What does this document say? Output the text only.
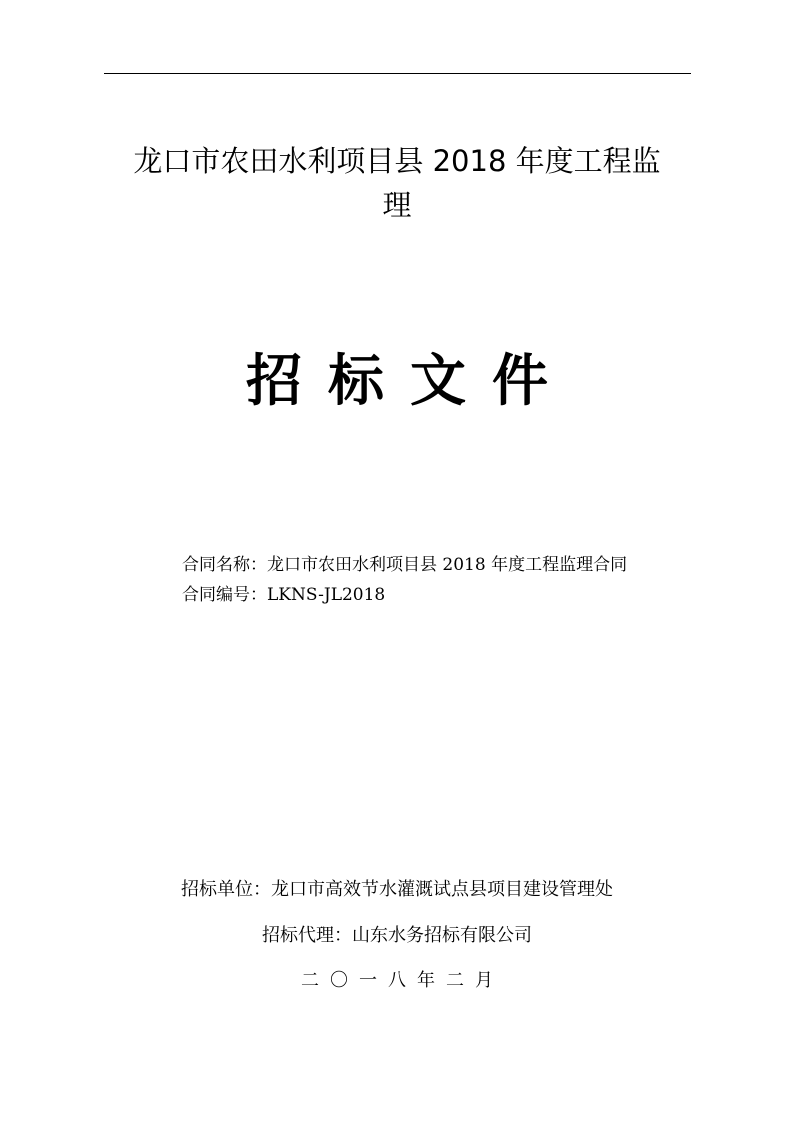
龙口市农田水利项目县 2018 年度工程监
理
招标文件
合同名称：龙口市农田水利项目县 2018 年度工程监理合同
合同编号：LKNS-JL2018
招标单位：龙口市高效节水灌溉试点县项目建设管理处
招标代理：山东水务招标有限公司
二〇一八年二月
